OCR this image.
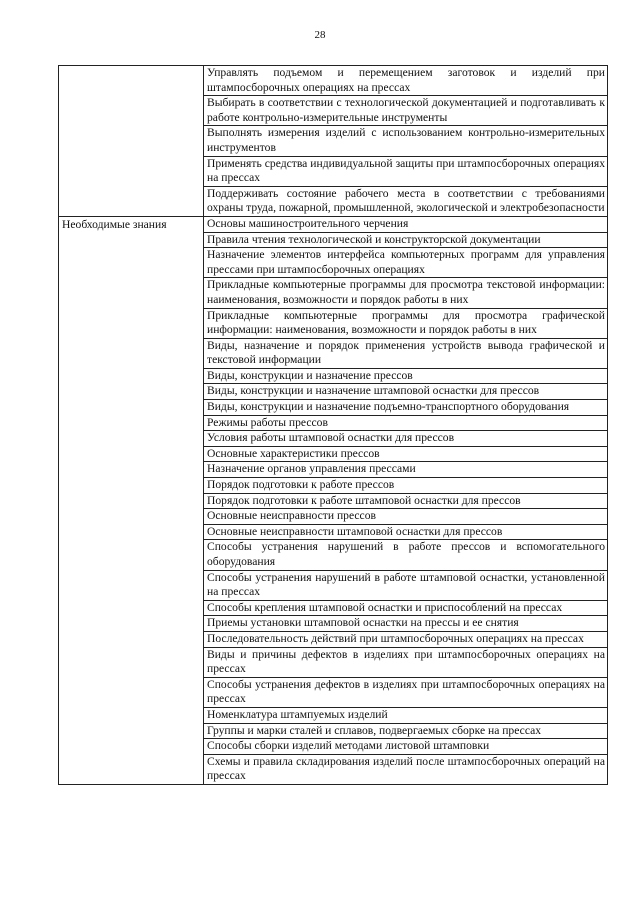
28
	Управлять подъемом и перемещением заготовок и изделий при штампосборочных операциях на прессах
	Выбирать в соответствии с технологической документацией и подготавливать к работе контрольно-измерительные инструменты
	Выполнять измерения изделий с использованием контрольно-измерительных инструментов
	Применять средства индивидуальной защиты при штампосборочных операциях на прессах
	Поддерживать состояние рабочего места в соответствии с требованиями охраны труда, пожарной, промышленной, экологической и электробезопасности
Необходимые знания	Основы машиностроительного черчения
	Правила чтения технологической и конструкторской документации
	Назначение элементов интерфейса компьютерных программ для управления прессами при штампосборочных операциях
	Прикладные компьютерные программы для просмотра текстовой информации: наименования, возможности и порядок работы в них
	Прикладные компьютерные программы для просмотра графической информации: наименования, возможности и порядок работы в них
	Виды, назначение и порядок применения устройств вывода графической и текстовой информации
	Виды, конструкции и назначение прессов
	Виды, конструкции и назначение штамповой оснастки для прессов
	Виды, конструкции и назначение подъемно-транспортного оборудования
	Режимы работы прессов
	Условия работы штамповой оснастки для прессов
	Основные характеристики прессов
	Назначение органов управления прессами
	Порядок подготовки к работе прессов
	Порядок подготовки к работе штамповой оснастки для прессов
	Основные неисправности прессов
	Основные неисправности штамповой оснастки для прессов
	Способы устранения нарушений в работе прессов и вспомогательного оборудования
	Способы устранения нарушений в работе штамповой оснастки, установленной на прессах
	Способы крепления штамповой оснастки и приспособлений на прессах
	Приемы установки штамповой оснастки на прессы и ее снятия
	Последовательность действий при штампосборочных операциях на прессах
	Виды и причины дефектов в изделиях при штампосборочных операциях на прессах
	Способы устранения дефектов в изделиях при штампосборочных операциях на прессах
	Номенклатура штампуемых изделий
	Группы и марки сталей и сплавов, подвергаемых сборке на прессах
	Способы сборки изделий методами листовой штамповки
	Схемы и правила складирования изделий после штампосборочных операций на прессах
